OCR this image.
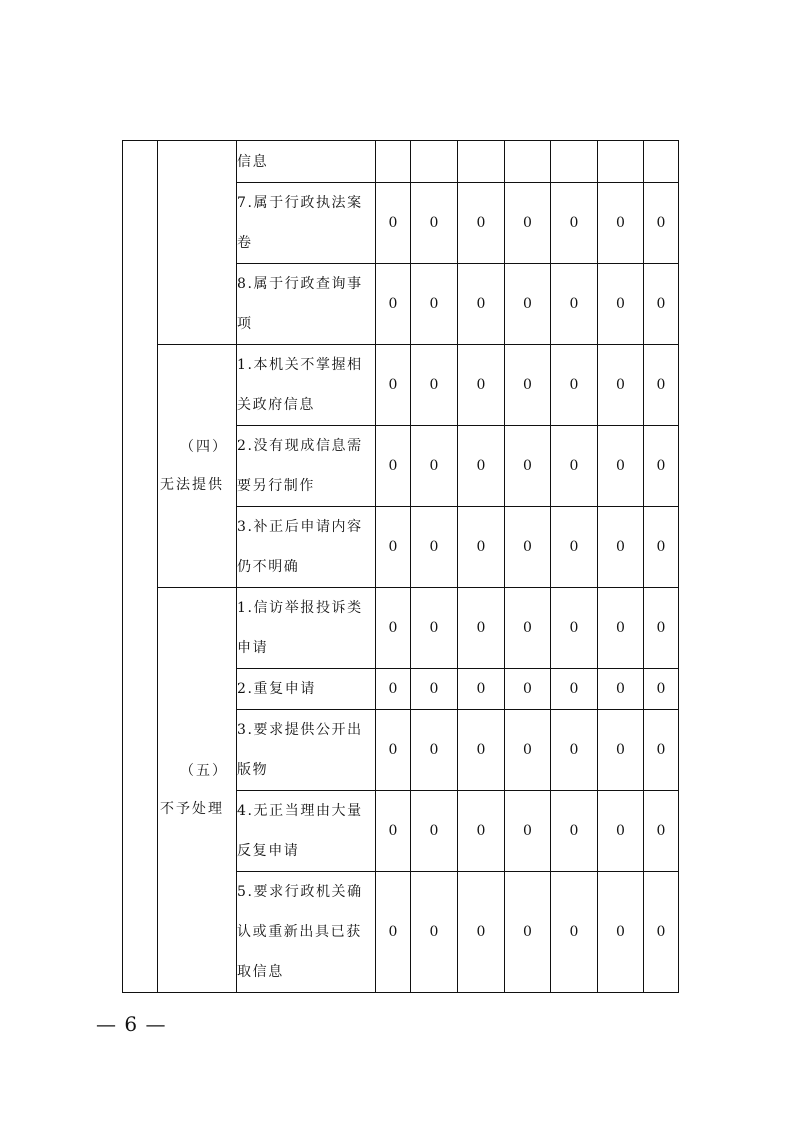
		信息							
		7.属于行政执法案卷	0	0	0	0	0	0	0
		8.属于行政查询事项	0	0	0	0	0	0	0

	（四）
无法提供	1.本机关不掌握相关政府信息	0	0	0	0	0	0	0
		2.没有现成信息需要另行制作	0	0	0	0	0	0	0
		3.补正后申请内容仍不明确	0	0	0	0	0	0	0

	（五）
不予处理	1.信访举报投诉类申请	0	0	0	0	0	0	0
		2.重复申请	0	0	0	0	0	0	0
		3.要求提供公开出版物	0	0	0	0	0	0	0
		4.无正当理由大量反复申请	0	0	0	0	0	0	0
		5.要求行政机关确认或重新出具已获取信息	0	0	0	0	0	0	0
— 6 —
